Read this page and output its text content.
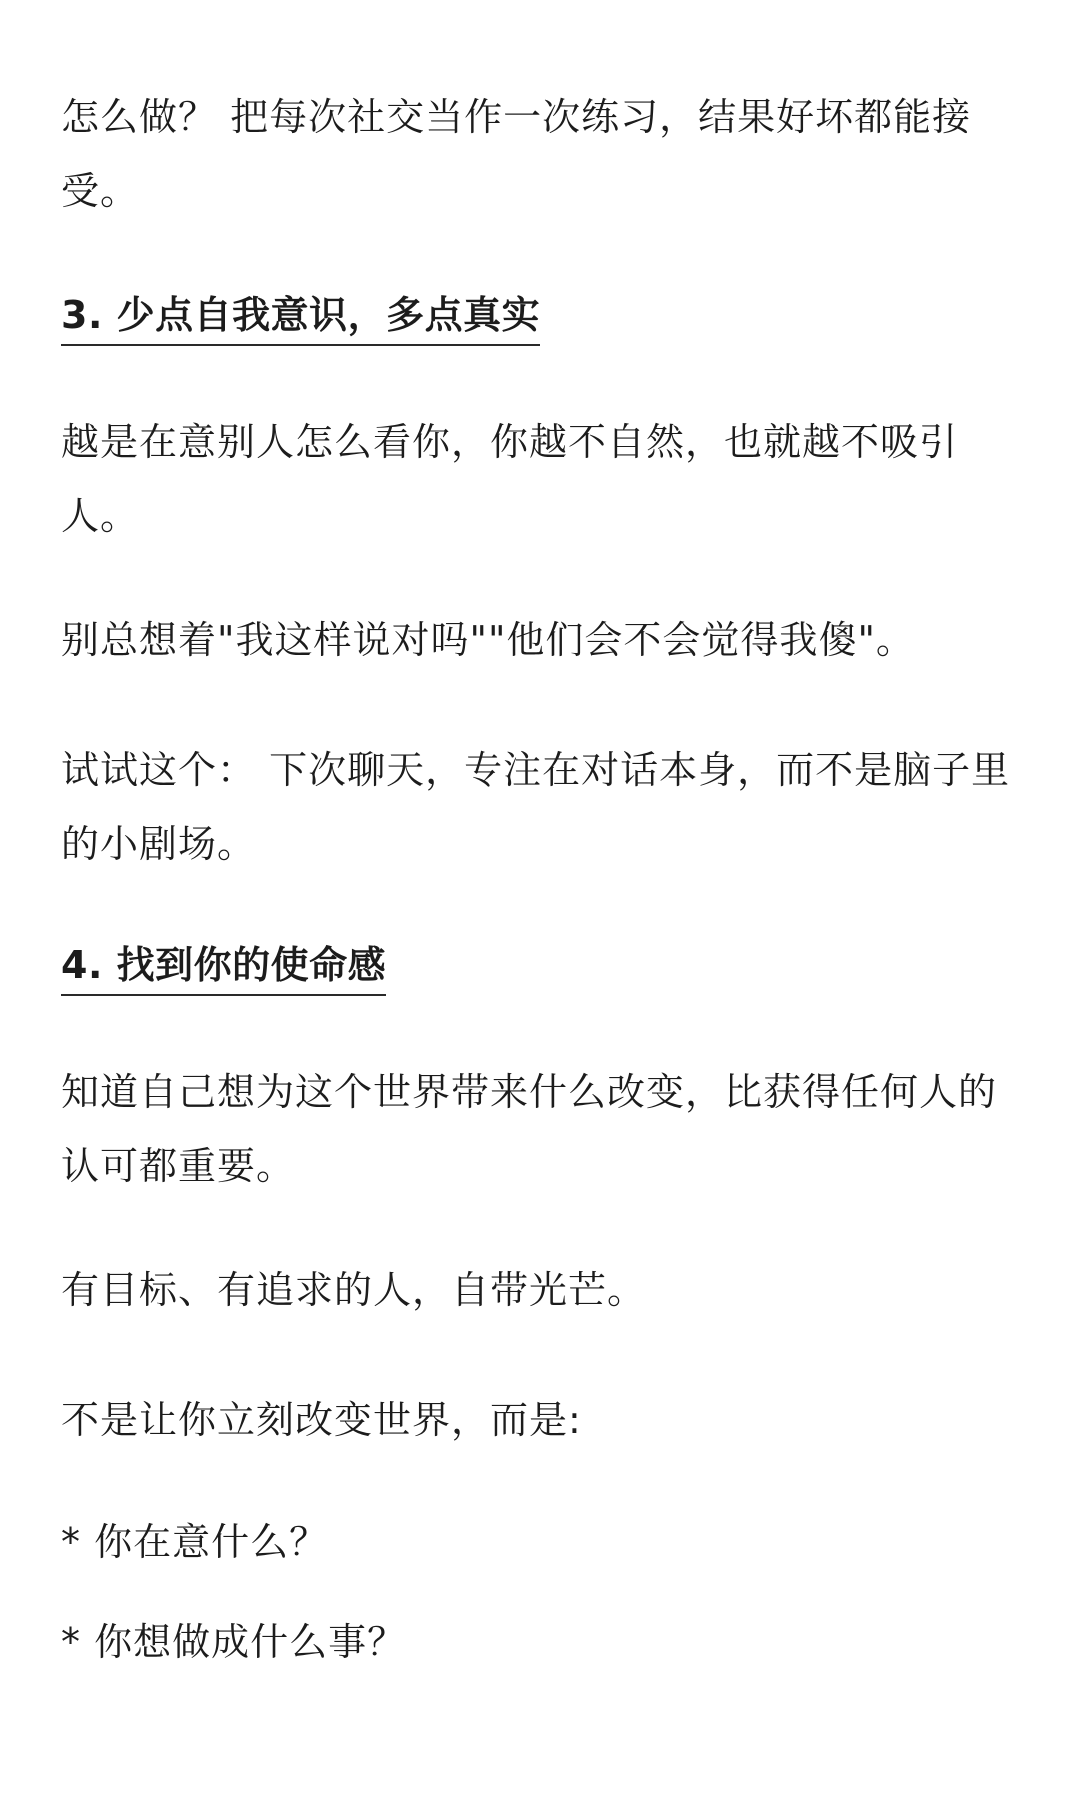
怎么做？ 把每次社交当作一次练习，结果好坏都能接受。

3. 少点自我意识，多点真实

越是在意别人怎么看你，你越不自然，也就越不吸引人。

别总想着"我这样说对吗""他们会不会觉得我傻"。

试试这个： 下次聊天，专注在对话本身，而不是脑子里的小剧场。

4. 找到你的使命感

知道自己想为这个世界带来什么改变，比获得任何人的认可都重要。

有目标、有追求的人，自带光芒。

不是让你立刻改变世界，而是:

* 你在意什么？

* 你想做成什么事？
